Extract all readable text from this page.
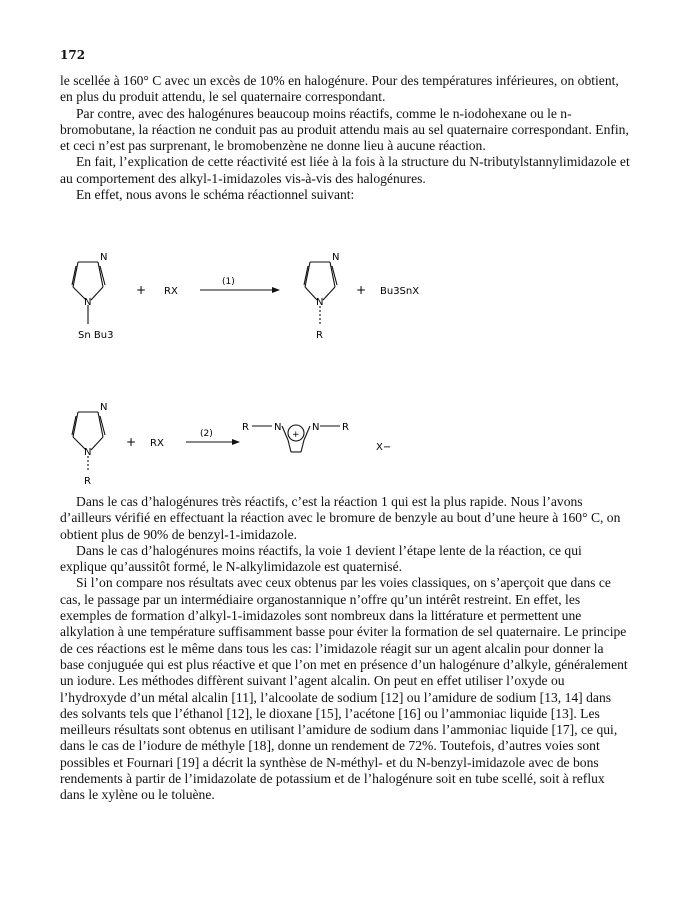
172

le scellée à 160° C avec un excès de 10% en halogénure. Pour des températures inférieures, on obtient, en plus du produit attendu, le sel quaternaire correspondant.

Par contre, avec des halogénures beaucoup moins réactifs, comme le n-iodohexane ou le n-bromobutane, la réaction ne conduit pas au produit attendu mais au sel quaternaire correspondant. Enfin, et ceci n’est pas surprenant, le bromobenzène ne donne lieu à aucune réaction.

En fait, l’explication de cette réactivité est liée à la fois à la structure du N-tributylstannylimidazole et au comportement des alkyl-1-imidazoles vis-à-vis des halogénures.

En effet, nous avons le schéma réactionnel suivant:

N
N
Sn Bu3
+ RX
(1)
N
N
R
+ Bu3SnX
N
N
R
+ RX
(2)
R	N
+
N R
X−

Dans le cas d’halogénures très réactifs, c’est la réaction 1 qui est la plus rapide. Nous l’avons d’ailleurs vérifié en effectuant la réaction avec le bromure de benzyle au bout d’une heure à 160° C, on obtient plus de 90% de benzyl-1-imidazole.

Dans le cas d’halogénures moins réactifs, la voie 1 devient l’étape lente de la réaction, ce qui explique qu’aussitôt formé, le N-alkylimidazole est quaternisé.

Si l’on compare nos résultats avec ceux obtenus par les voies classiques, on s’aperçoit que dans ce cas, le passage par un intermédiaire organostannique n’offre qu’un intérêt restreint. En effet, les exemples de formation d’alkyl-1-imidazoles sont nombreux dans la littérature et permettent une alkylation à une température suffisamment basse pour éviter la formation de sel quaternaire. Le principe de ces réactions est le même dans tous les cas: l’imidazole réagit sur un agent alcalin pour donner la base conjuguée qui est plus réactive et que l’on met en présence d’un halogénure d’alkyle, généralement un iodure. Les méthodes diffèrent suivant l’agent alcalin. On peut en effet utiliser l’oxyde ou l’hydroxyde d’un métal alcalin [11], l’alcoolate de sodium [12] ou l’amidure de sodium [13, 14] dans des solvants tels que l’éthanol [12], le dioxane [15], l’acétone [16] ou l’ammoniac liquide [13]. Les meilleurs résultats sont obtenus en utilisant l’amidure de sodium dans l’ammoniac liquide [17], ce qui, dans le cas de l’iodure de méthyle [18], donne un rendement de 72%. Toutefois, d’autres voies sont possibles et Fournari [19] a décrit la synthèse de N-méthyl- et du N-benzyl-imidazole avec de bons rendements à partir de l’imidazolate de potassium et de l’halogénure soit en tube scellé, soit à reflux dans le xylène ou le toluène.
